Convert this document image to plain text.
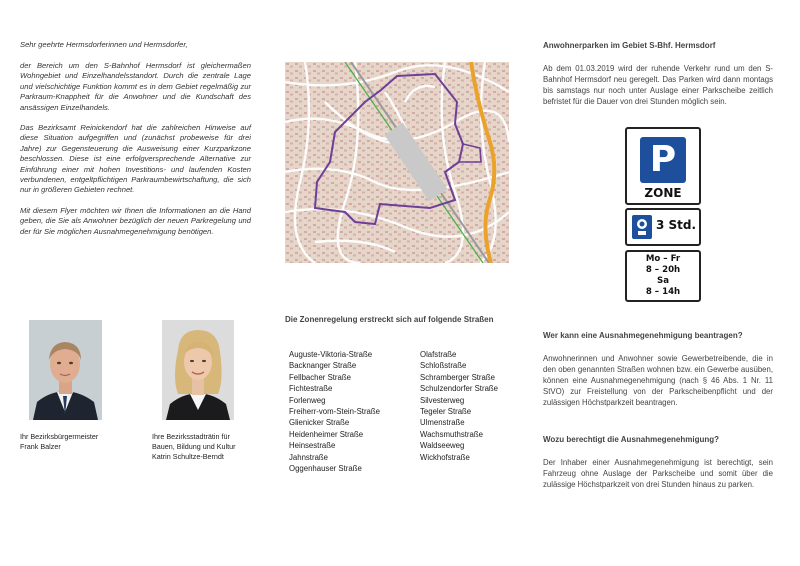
Sehr geehrte Hermsdorferinnen und Hermsdorfer,

der Bereich um den S-Bahnhof Hermsdorf ist gleichermaßen Wohngebiet und Einzelhandelsstandort. Durch die zentrale Lage und vielschichtige Funktion kommt es in dem Gebiet regelmäßig zur Parkraum-Knappheit für die Anwohner und die Kundschaft des ansässigen Einzelhandels.

Das Bezirksamt Reinickendorf hat die zahlreichen Hinweise auf diese Situation aufgegriffen und (zunächst probeweise für drei Jahre) zur Gegensteuerung die Ausweisung einer Kurzparkzone beschlossen. Diese ist eine erfolgversprechende Alternative zur Einführung einer mit hohen Investitions- und laufenden Kosten verbundenen, entgeltpflichtigen Parkraumbewirtschaftung, die sich nur in größeren Gebieten rechnet.

Mit diesem Flyer möchten wir Ihnen die Informationen an die Hand geben, die Sie als Anwohner bezüglich der neuen Parkregelung und der für Sie möglichen Ausnahmegenehmigung benötigen.

Ihr Bezirksbürgermeister
Frank Balzer
Ihre Bezirksstadträtin für
Bauen, Bildung und Kultur
Katrin Schultze-Berndt
Die Zonenregelung erstreckt sich auf folgende Straßen
Auguste-Viktoria-Straße
Backnanger Straße
Fellbacher Straße
Fichtestraße
Forlenweg
Freiherr-vom-Stein-Straße
Glienicker Straße
Heidenheimer Straße
Heinsestraße
Jahnstraße
Oggenhauser Straße
Olafstraße
Schloßstraße
Schramberger Straße
Schulzendorfer Straße
Silvesterweg
Tegeler Straße
Ulmenstraße
Wachsmuthstraße
Waldseeweg
Wickhofstraße
Anwohnerparken im Gebiet S-Bhf. Hermsdorf
Ab dem 01.03.2019 wird der ruhende Verkehr rund um den S-Bahnhof Hermsdorf neu geregelt. Das Parken wird dann montags bis samstags nur noch unter Auslage einer Parkscheibe zeitlich befristet für die Dauer von drei Stunden möglich sein.
P
ZONE
3 Std.
Mo – Fr
8 – 20h
Sa
8 – 14h
Wer kann eine Ausnahmegenehmigung beantragen?
Anwohnerinnen und Anwohner sowie Gewerbetreibende, die in den oben genannten Straßen wohnen bzw. ein Gewerbe ausüben, können eine Ausnahmegenehmigung (nach § 46 Abs. 1 Nr. 11 StVO) zur Freistellung von der Parkscheibenpflicht und der zulässigen Höchstparkzeit beantragen.
Wozu berechtigt die Ausnahmegenehmigung?
Der Inhaber einer Ausnahmegenehmigung ist berechtigt, sein Fahrzeug ohne Auslage der Parkscheibe und somit über die zulässige Höchstparkzeit von drei Stunden hinaus zu parken.
